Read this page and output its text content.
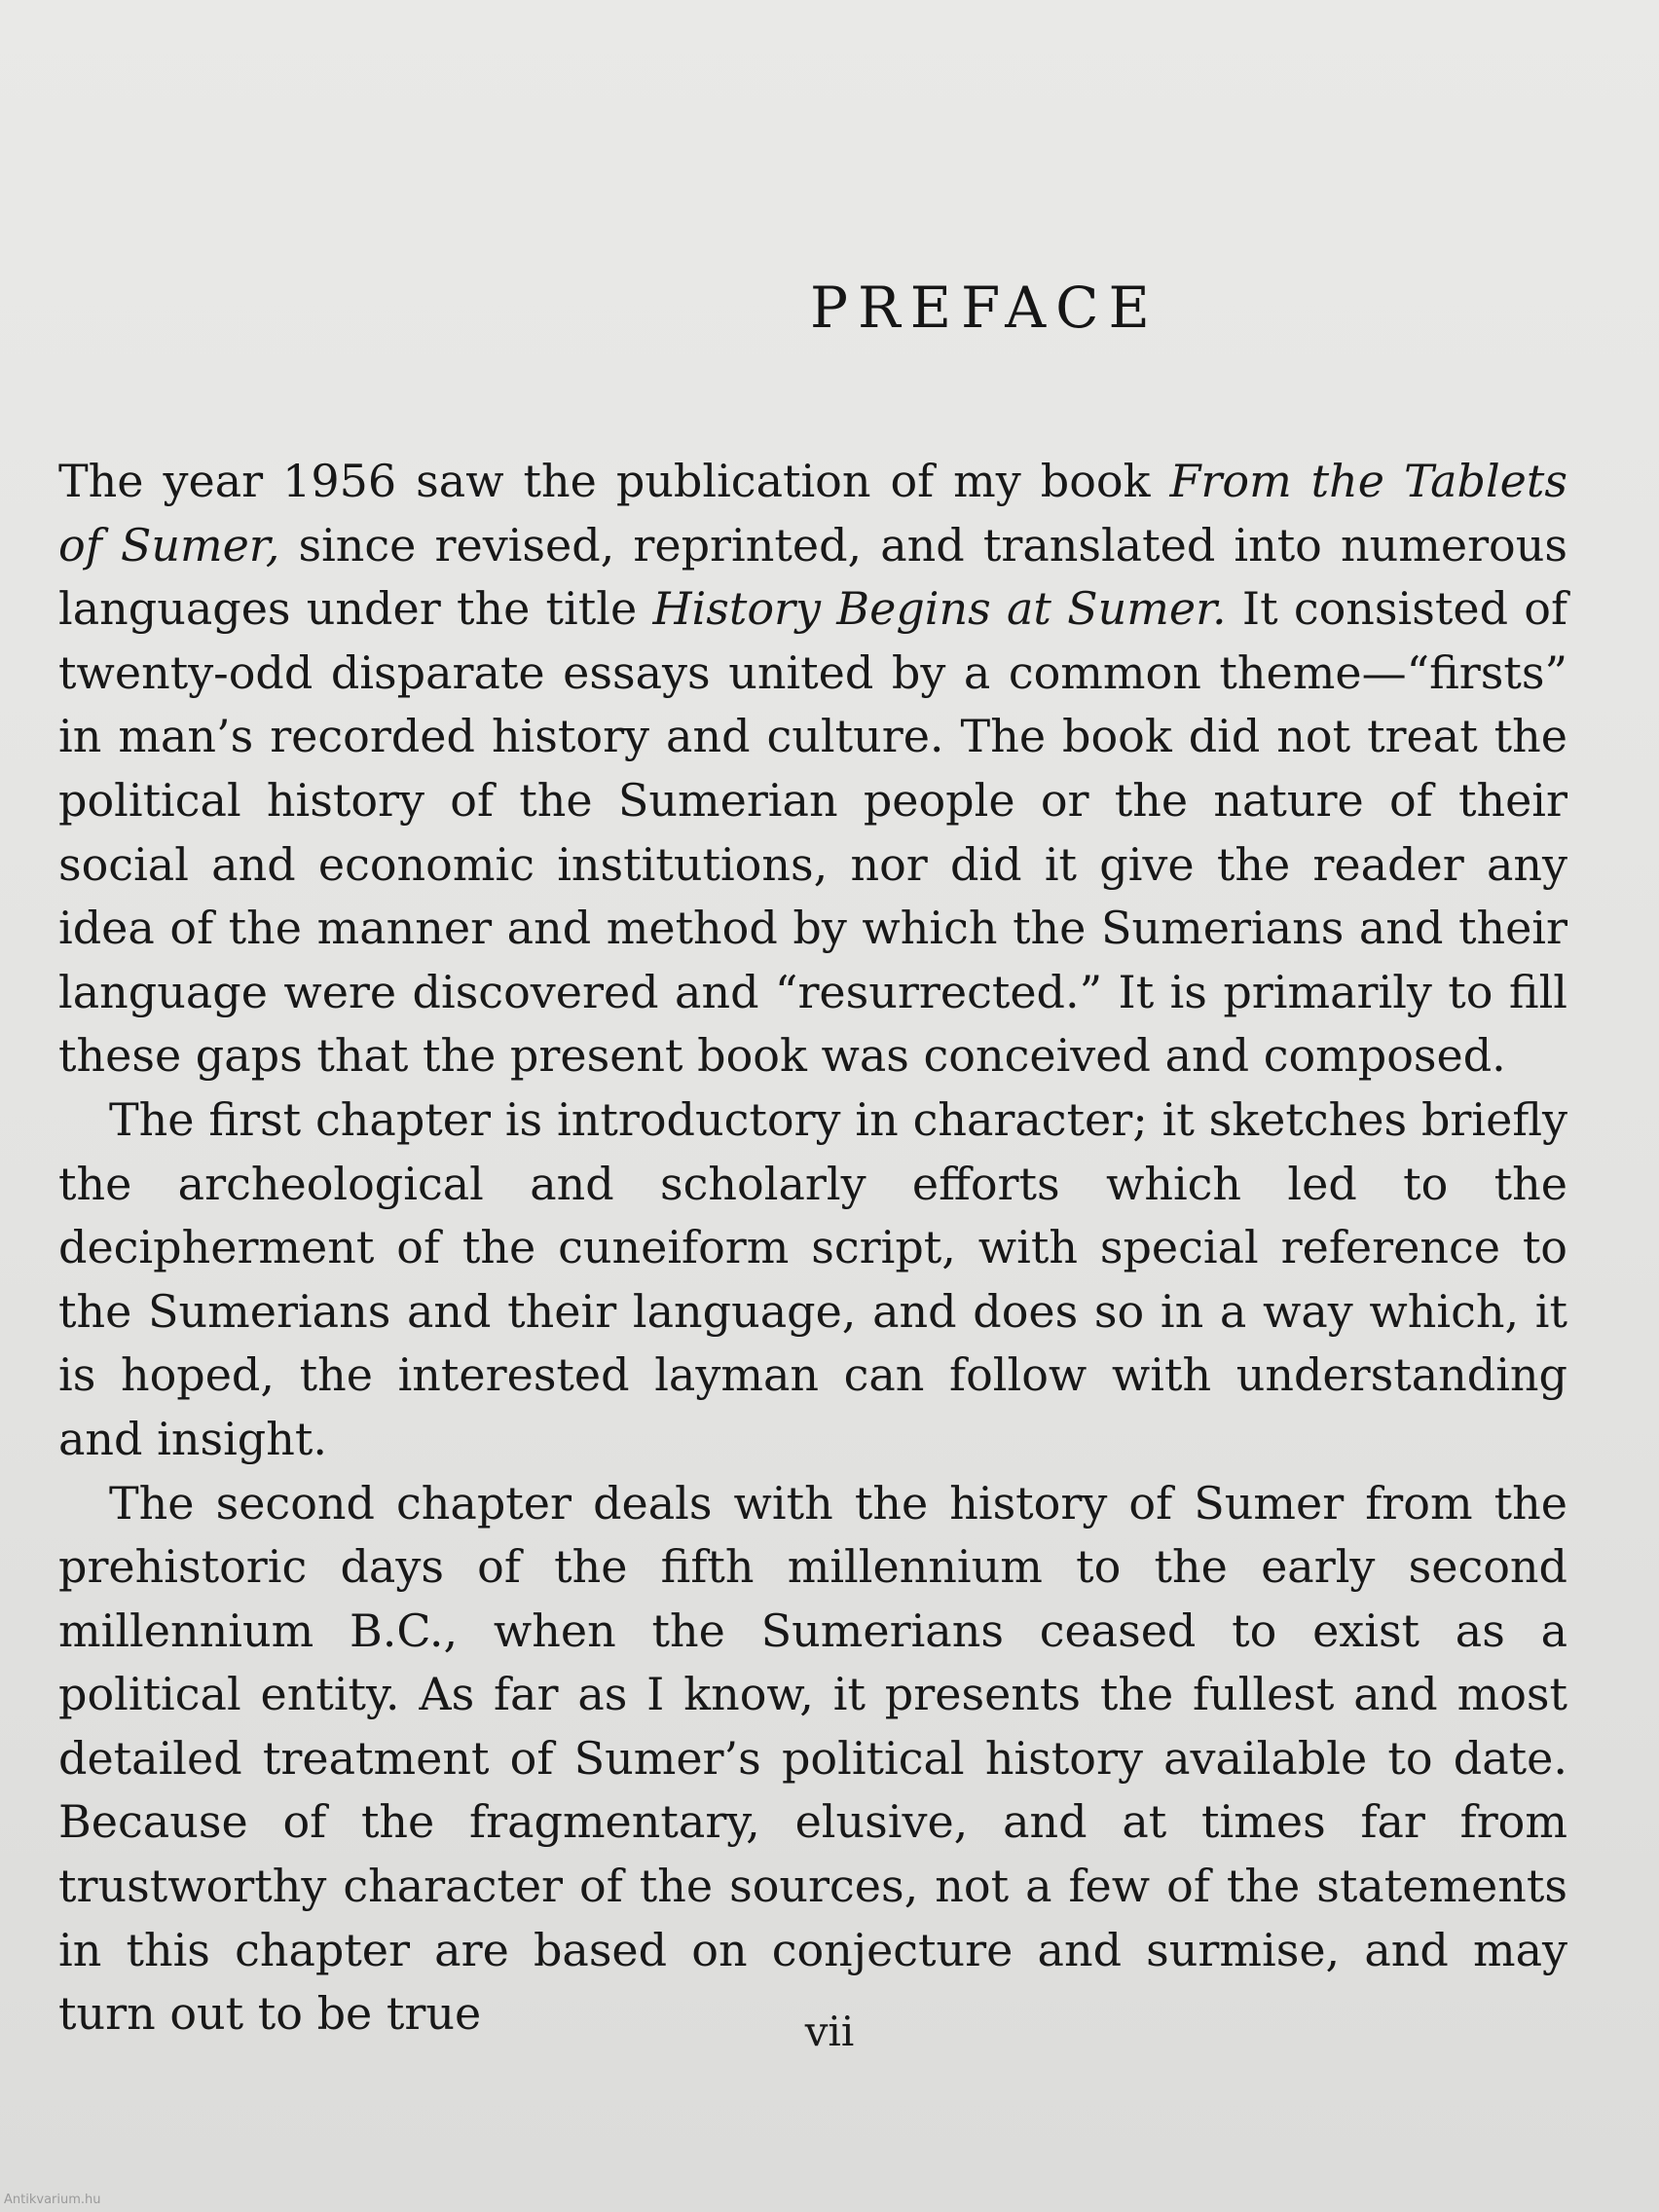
PREFACE

The year 1956 saw the publication of my book From the Tablets of Sumer, since revised, reprinted, and translated into numerous languages under the title History Begins at Sumer. It consisted of twenty-odd disparate essays united by a common theme—“firsts” in man’s recorded history and culture. The book did not treat the political history of the Sumerian people or the nature of their social and economic institutions, nor did it give the reader any idea of the manner and method by which the Sumerians and their language were discovered and “resurrected.” It is primarily to fill these gaps that the present book was conceived and composed.

The first chapter is introductory in character; it sketches briefly the archeological and scholarly efforts which led to the decipherment of the cuneiform script, with special reference to the Sumerians and their language, and does so in a way which, it is hoped, the interested layman can follow with understanding and insight.

The second chapter deals with the history of Sumer from the prehistoric days of the fifth millennium to the early second millennium B.C., when the Sumerians ceased to exist as a political entity. As far as I know, it presents the fullest and most detailed treatment of Sumer’s political history available to date. Because of the fragmentary, elusive, and at times far from trustworthy character of the sources, not a few of the statements in this chapter are based on conjecture and surmise, and may turn out to be true	vii
Antikvarium.hu
